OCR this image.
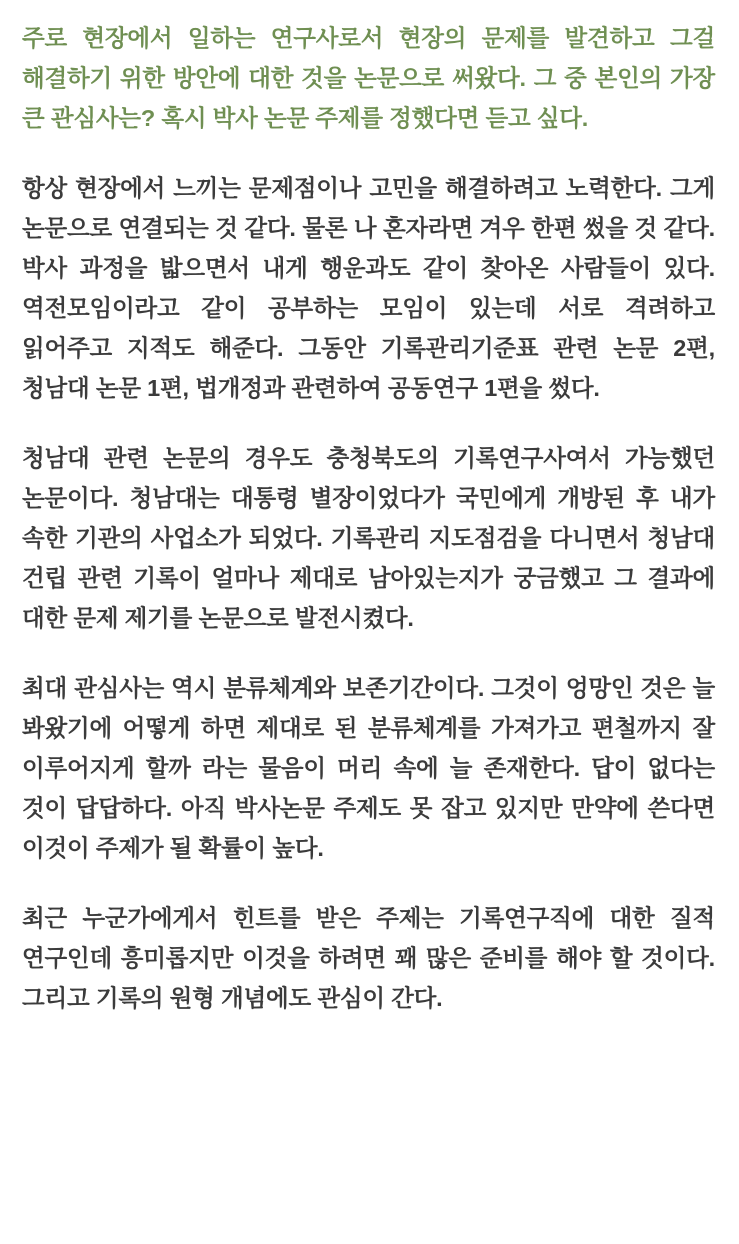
주로 현장에서 일하는 연구사로서 현장의 문제를 발견하고 그걸 해결하기 위한 방안에 대한 것을 논문으로 써왔다. 그 중 본인의 가장 큰 관심사는? 혹시 박사 논문 주제를 정했다면 듣고 싶다.

항상 현장에서 느끼는 문제점이나 고민을 해결하려고 노력한다. 그게 논문으로 연결되는 것 같다. 물론 나 혼자라면 겨우 한편 썼을 것 같다. 박사 과정을 밟으면서 내게 행운과도 같이 찾아온 사람들이 있다. 역전모임이라고 같이 공부하는 모임이 있는데 서로 격려하고 읽어주고 지적도 해준다. 그동안 기록관리기준표 관련 논문 2편, 청남대 논문 1편, 법개정과 관련하여 공동연구 1편을 썼다.

청남대 관련 논문의 경우도 충청북도의 기록연구사여서 가능했던 논문이다. 청남대는 대통령 별장이었다가 국민에게 개방된 후 내가 속한 기관의 사업소가 되었다. 기록관리 지도점검을 다니면서 청남대 건립 관련 기록이 얼마나 제대로 남아있는지가 궁금했고 그 결과에 대한 문제 제기를 논문으로 발전시켰다.

최대 관심사는 역시 분류체계와 보존기간이다. 그것이 엉망인 것은 늘 봐왔기에 어떻게 하면 제대로 된 분류체계를 가져가고 편철까지 잘 이루어지게 할까 라는 물음이 머리 속에 늘 존재한다. 답이 없다는 것이 답답하다. 아직 박사논문 주제도 못 잡고 있지만 만약에 쓴다면 이것이 주제가 될 확률이 높다.

최근 누군가에게서 힌트를 받은 주제는 기록연구직에 대한 질적 연구인데 흥미롭지만 이것을 하려면 꽤 많은 준비를 해야 할 것이다. 그리고 기록의 원형 개념에도 관심이 간다.
